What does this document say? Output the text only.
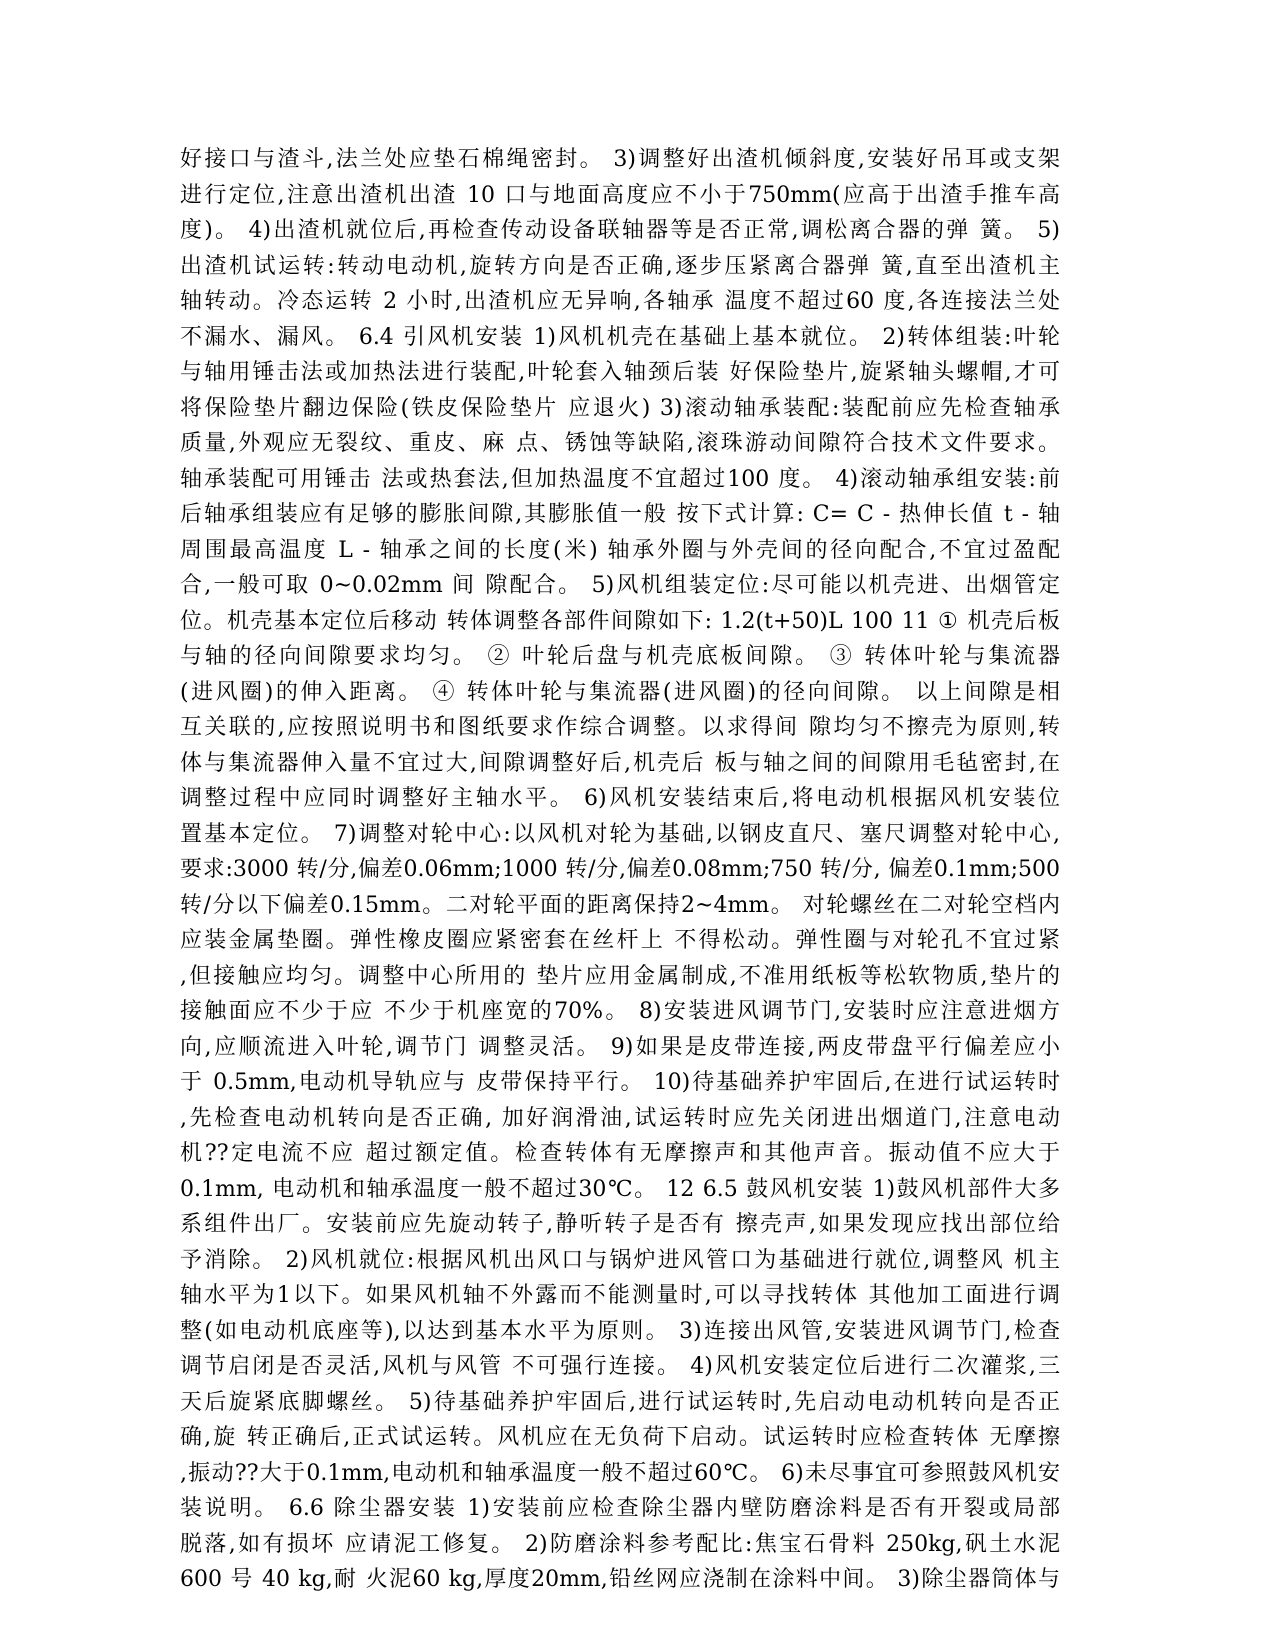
好接口与渣斗,法兰处应垫石棉绳密封。 3)调整好出渣机倾斜度,安装好吊耳或支架
进行定位,注意出渣机出渣 10 口与地面高度应不小于750mm(应高于出渣手推车高
度)。 4)出渣机就位后,再检查传动设备联轴器等是否正常,调松离合器的弹 簧。 5)
出渣机试运转:转动电动机,旋转方向是否正确,逐步压紧离合器弹 簧,直至出渣机主
轴转动。冷态运转 2 小时,出渣机应无异响,各轴承 温度不超过60 度,各连接法兰处
不漏水、漏风。 6.4 引风机安装 1)风机机壳在基础上基本就位。 2)转体组装:叶轮
与轴用锤击法或加热法进行装配,叶轮套入轴颈后装 好保险垫片,旋紧轴头螺帽,才可
将保险垫片翻边保险(铁皮保险垫片 应退火) 3)滚动轴承装配:装配前应先检查轴承
质量,外观应无裂纹、重皮、麻 点、锈蚀等缺陷,滚珠游动间隙符合技术文件要求。
轴承装配可用锤击 法或热套法,但加热温度不宜超过100 度。 4)滚动轴承组安装:前
后轴承组装应有足够的膨胀间隙,其膨胀值一般 按下式计算: C= C - 热伸长值 t - 轴
周围最高温度 L - 轴承之间的长度(米) 轴承外圈与外壳间的径向配合,不宜过盈配
合,一般可取 0~0.02mm 间 隙配合。 5)风机组装定位:尽可能以机壳进、出烟管定
位。机壳基本定位后移动 转体调整各部件间隙如下: 1.2(t+50)L 100 11 ① 机壳后板
与轴的径向间隙要求均匀。 ② 叶轮后盘与机壳底板间隙。 ③ 转体叶轮与集流器
(进风圈)的伸入距离。 ④ 转体叶轮与集流器(进风圈)的径向间隙。 以上间隙是相
互关联的,应按照说明书和图纸要求作综合调整。以求得间 隙均匀不擦壳为原则,转
体与集流器伸入量不宜过大,间隙调整好后,机壳后 板与轴之间的间隙用毛毡密封,在
调整过程中应同时调整好主轴水平。 6)风机安装结束后,将电动机根据风机安装位
置基本定位。 7)调整对轮中心:以风机对轮为基础,以钢皮直尺、塞尺调整对轮中心,
要求:3000 转/分,偏差0.06mm;1000 转/分,偏差0.08mm;750 转/分, 偏差0.1mm;500
转/分以下偏差0.15mm。二对轮平面的距离保持2~4mm。 对轮螺丝在二对轮空档内
应装金属垫圈。弹性橡皮圈应紧密套在丝杆上 不得松动。弹性圈与对轮孔不宜过紧
,但接触应均匀。调整中心所用的 垫片应用金属制成,不准用纸板等松软物质,垫片的
接触面应不少于应 不少于机座宽的70%。 8)安装进风调节门,安装时应注意进烟方
向,应顺流进入叶轮,调节门 调整灵活。 9)如果是皮带连接,两皮带盘平行偏差应小
于 0.5mm,电动机导轨应与 皮带保持平行。 10)待基础养护牢固后,在进行试运转时
,先检查电动机转向是否正确, 加好润滑油,试运转时应先关闭进出烟道门,注意电动
机??定电流不应 超过额定值。检查转体有无摩擦声和其他声音。振动值不应大于
0.1mm, 电动机和轴承温度一般不超过30℃。 12 6.5 鼓风机安装 1)鼓风机部件大多
系组件出厂。安装前应先旋动转子,静听转子是否有 擦壳声,如果发现应找出部位给
予消除。 2)风机就位:根据风机出风口与锅炉进风管口为基础进行就位,调整风 机主
轴水平为1以下。如果风机轴不外露而不能测量时,可以寻找转体 其他加工面进行调
整(如电动机底座等),以达到基本水平为原则。 3)连接出风管,安装进风调节门,检查
调节启闭是否灵活,风机与风管 不可强行连接。 4)风机安装定位后进行二次灌浆,三
天后旋紧底脚螺丝。 5)待基础养护牢固后,进行试运转时,先启动电动机转向是否正
确,旋 转正确后,正式试运转。风机应在无负荷下启动。试运转时应检查转体 无摩擦
,振动??大于0.1mm,电动机和轴承温度一般不超过60℃。 6)未尽事宜可参照鼓风机安
装说明。 6.6 除尘器安装 1)安装前应检查除尘器内壁防磨涂料是否有开裂或局部
脱落,如有损坏 应请泥工修复。 2)防磨涂料参考配比:焦宝石骨料 250kg,矾土水泥
600 号 40 kg,耐 火泥60 kg,厚度20mm,铅丝网应浇制在涂料中间。 3)除尘器筒体与
